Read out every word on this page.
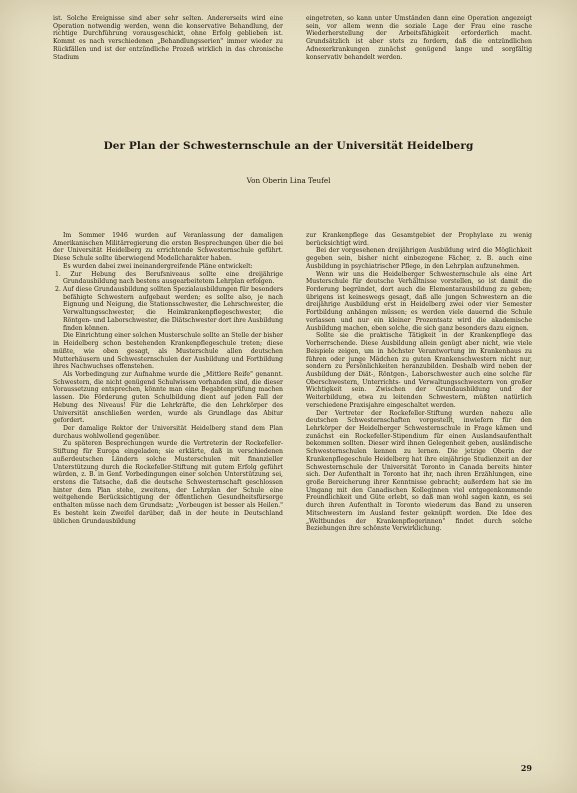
ist. Solche Ereignisse sind aber sehr selten. Andererseits wird eine Operation notwendig werden, wenn die konservative Behandlung, der richtige Durchführung vorausgeschickt, ohne Erfolg geblieben ist. Kommt es nach verschiedenen „Behandlungsserien" immer wieder zu Rückfällen und ist der entzündliche Prozeß wirklich in das chronische Stadium

eingetreten, so kann unter Umständen dann eine Operation angezeigt sein, vor allem wenn die soziale Lage der Frau eine rasche Wiederherstellung der Arbeitsfähigkeit erforderlich macht. Grundsätzlich ist aber stets zu fordern, daß die entzündlichen Adnexerkrankungen zunächst genügend lange und sorgfältig konservativ behandelt werden.

Der Plan der Schwesternschule an der Universität Heidelberg
Von Oberin Lina Teufel

Im Sommer 1946 wurden auf Veranlassung der damaligen Amerikanischen Militärregierung die ersten Besprechungen über die bei der Universität Heidelberg zu errichtende Schwesternschule geführt. Diese Schule sollte überwiegend Modellcharakter haben.

Es wurden dabei zwei ineinandergreifende Pläne entwickelt:

1. Zur Hebung des Berufsniveaus sollte eine dreijährige Grundausbildung nach bestens ausgearbeitetem Lehrplan erfolgen.

2. Auf diese Grundausbildung sollten Spezialausbildungen für besonders befähigte Schwestern aufgebaut werden; es sollte also, je nach Eignung und Neigung, die Stationsschwester, die Lehrschwester, die Verwaltungsschwester, die Heimkrankenpflegeschwester, die Röntgen- und Laborschwester, die Diätschwester dort ihre Ausbildung finden können.

Die Einrichtung einer solchen Musterschule sollte an Stelle der bisher in Heidelberg schon bestehenden Krankenpflegeschule treten; diese müßte, wie oben gesagt, als Musterschule allen deutschen Mutterhäusern und Schwesternschulen der Ausbildung und Fortbildung ihres Nachwuchses offenstehen.

Als Vorbedingung zur Aufnahme wurde die „Mittlere Reife" genannt. Schwestern, die nicht genügend Schulwissen vorhanden sind, die dieser Voraussetzung entsprechen, könnte man eine Begabtenprüfung machen lassen. Die Förderung guten Schulbildung dient auf jeden Fall der Hebung des Niveaus! Für die Lehrkräfte, die den Lehrkörper des Universität anschließen werden, wurde als Grundlage das Abitur gefordert.

Der damalige Rektor der Universität Heidelberg stand dem Plan durchaus wohlwollend gegenüber.

Zu späteren Besprechungen wurde die Vertreterin der Rockefeller-Stiftung für Europa eingeladen; sie erklärte, daß in verschiedenen außerdeutschen Ländern solche Musterschulen mit finanzieller Unterstützung durch die Rockefeller-Stiftung mit gutem Erfolg geführt würden, z. B. in Genf. Vorbedingungen einer solchen Unterstützung sei, erstens die Tatsache, daß die deutsche Schwesternschaft geschlossen hinter dem Plan stehe, zweitens, der Lehrplan der Schule eine weitgehende Berücksichtigung der öffentlichen Gesundheitsfürsorge enthalten müsse nach dem Grundsatz: „Vorbeugen ist besser als Heilen." Es besteht kein Zweifel darüber, daß in der heute in Deutschland üblichen Grundausbildung

zur Krankenpflege das Gesamtgebiet der Prophylaxe zu wenig berücksichtigt wird.

Bei der vorgesehenen dreijährigen Ausbildung wird die Möglichkeit gegeben sein, bisher nicht einbezogene Fächer, z. B. auch eine Ausbildung in psychiatrischer Pflege, in den Lehrplan aufzunehmen.

Wenn wir uns die Heidelberger Schwesternschule als eine Art Musterschule für deutsche Verhältnisse vorstellen, so ist damit die Forderung begründet, dort auch die Elementarausbildung zu geben; übrigens ist keineswegs gesagt, daß alle jungen Schwestern an die dreijährige Ausbildung erst in Heidelberg zwei oder vier Semester Fortbildung anhängen müssen; es werden viele dauernd die Schule verlassen und nur ein kleiner Prozentsatz wird die akademische Ausbildung machen, eben solche, die sich ganz besonders dazu eignen.

Sollte sie die praktische Tätigkeit in der Krankenpflege das Vorherrschende. Diese Ausbildung allein genügt aber nicht, wie viele Beispiele zeigen, um in höchster Verantwortung im Krankenhaus zu führen oder junge Mädchen zu guten Krankenschwestern nicht nur, sondern zu Persönlichkeiten heranzubilden. Deshalb wird neben der Ausbildung der Diät-, Röntgen-, Laborschwester auch eine solche für Oberschwestern, Unterrichts- und Verwaltungsschwestern von großer Wichtigkeit sein. Zwischen der Grundausbildung und der Weiterbildung, etwa zu leitenden Schwestern, müßten natürlich verschiedene Praxisjahre eingeschaltet werden.

Der Vertreter der Rockefeller-Stiftung wurden nahezu alle deutschen Schwesternschaften vorgestellt, inwiefern für den Lehrkörper der Heidelberger Schwesternschule in Frage kämen und zunächst ein Rockefeller-Stipendium für einen Auslandsaufenthalt bekommen sollten. Dieser wird ihnen Gelegenheit geben, ausländische Schwesternschulen kennen zu lernen. Die jetzige Oberin der Krankenpflegeschule Heidelberg hat ihre einjährige Studienzeit an der Schwesternschule der Universität Toronto in Canada bereits hinter sich. Der Aufenthalt in Toronto hat ihr, nach ihren Erzählungen, eine große Bereicherung ihrer Kenntnisse gebracht; außerdem hat sie im Umgang mit den Canadischen Kolleginnen viel entgegenkommende Freundlichkeit und Güte erlebt, so daß man wohl sagen kann, es sei durch ihren Aufenthalt in Toronto wiederum das Band zu unseren Mitschwestern im Ausland fester geknüpft worden. Die Idee des „Weltbundes der Krankenpflegerinnen" findet durch solche Beziehungen ihre schönste Verwirklichung.

29
